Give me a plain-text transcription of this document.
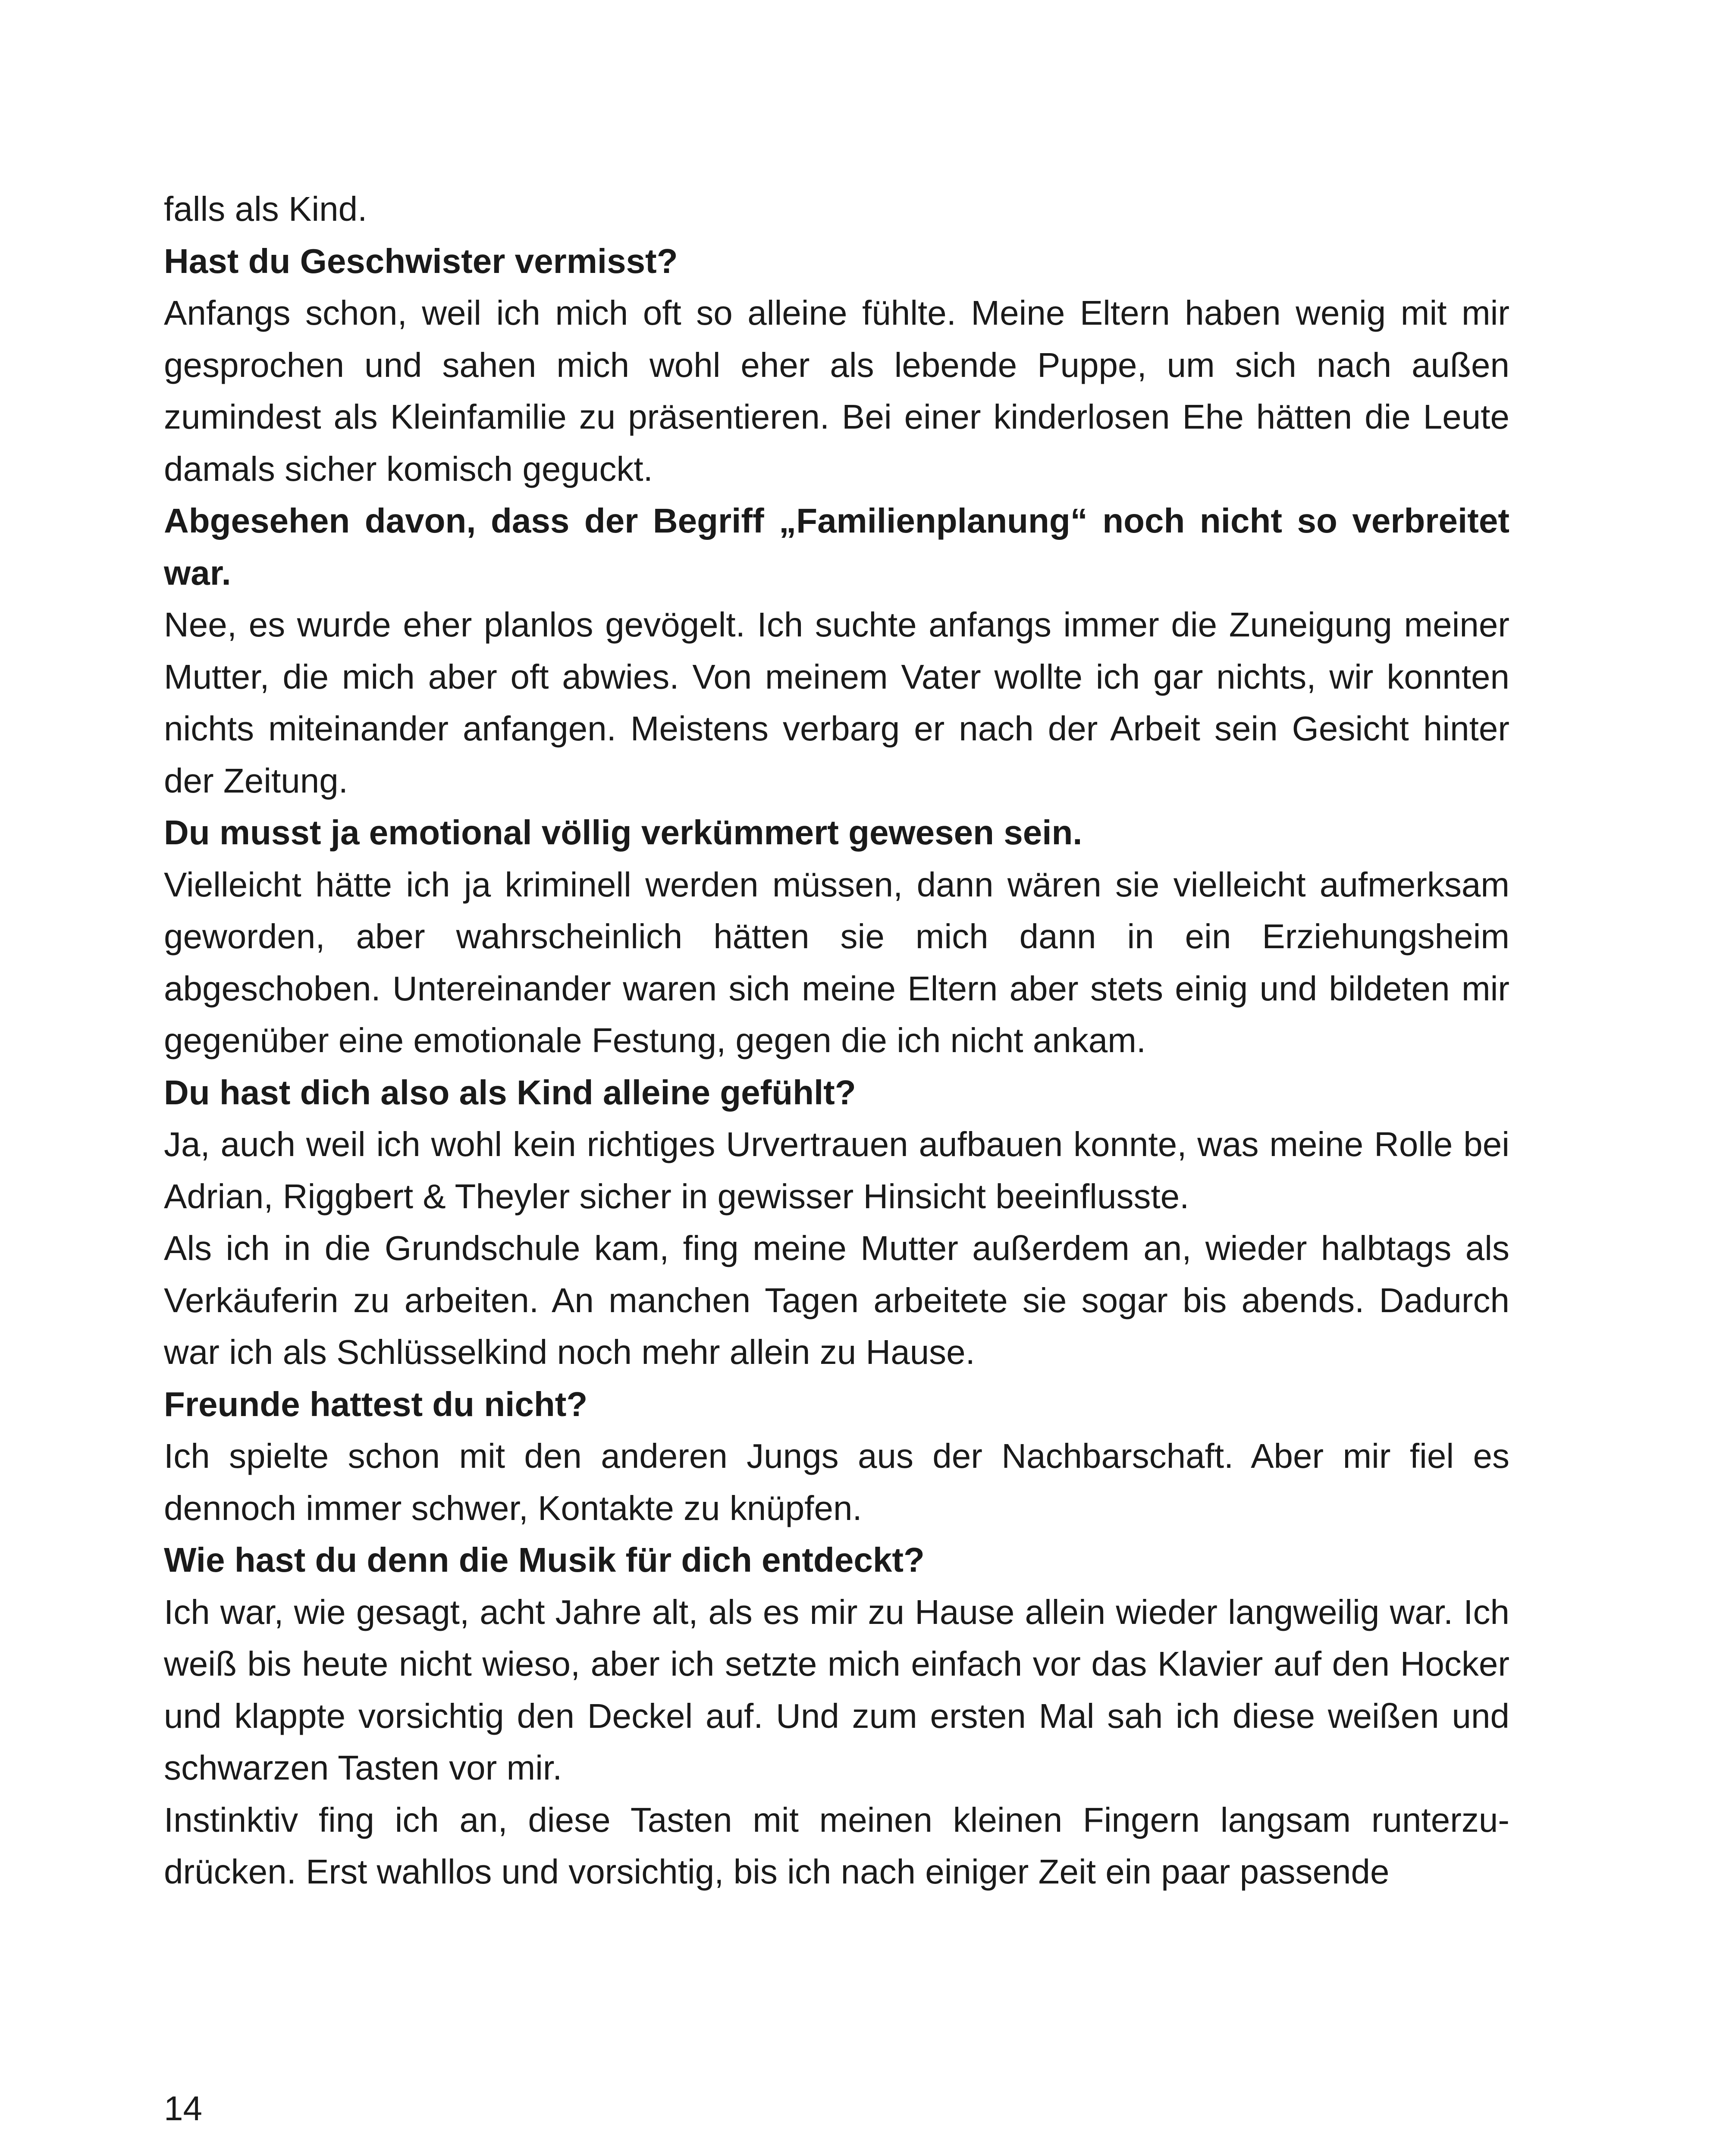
falls als Kind.

Hast du Geschwister vermisst?

Anfangs schon, weil ich mich oft so alleine fühlte. Meine Eltern haben wenig mit mir gesprochen und sahen mich wohl eher als lebende Puppe, um sich nach außen zumindest als Kleinfamilie zu präsentieren. Bei einer kinderlosen Ehe hätten die Leute damals sicher komisch geguckt.

Abgesehen davon, dass der Begriff „Familienplanung“ noch nicht so verbreitet war.

Nee, es wurde eher planlos gevögelt. Ich suchte anfangs immer die Zuneigung meiner Mutter, die mich aber oft abwies. Von meinem Vater wollte ich gar nichts, wir konnten nichts miteinander anfangen. Meistens verbarg er nach der Arbeit sein Gesicht hinter der Zeitung.

Du musst ja emotional völlig verkümmert gewesen sein.

Vielleicht hätte ich ja kriminell werden müssen, dann wären sie vielleicht aufmerksam geworden, aber wahrscheinlich hätten sie mich dann in ein Erziehungsheim abgeschoben. Untereinander waren sich meine Eltern aber stets einig und bildeten mir gegenüber eine emotionale Festung, gegen die ich nicht ankam.

Du hast dich also als Kind alleine gefühlt?

Ja, auch weil ich wohl kein richtiges Urvertrauen aufbauen konnte, was meine Rolle bei Adrian, Riggbert & Theyler sicher in gewisser Hinsicht beeinflusste.

Als ich in die Grundschule kam, fing meine Mutter außerdem an, wieder halbtags als Verkäuferin zu arbeiten. An manchen Tagen arbeitete sie sogar bis abends. Dadurch war ich als Schlüsselkind noch mehr allein zu Hause.

Freunde hattest du nicht?

Ich spielte schon mit den anderen Jungs aus der Nachbarschaft. Aber mir fiel es dennoch immer schwer, Kontakte zu knüpfen.

Wie hast du denn die Musik für dich entdeckt?

Ich war, wie gesagt, acht Jahre alt, als es mir zu Hause allein wieder langweilig war. Ich weiß bis heute nicht wieso, aber ich setzte mich einfach vor das Klavier auf den Hocker und klappte vorsichtig den Deckel auf. Und zum ersten Mal sah ich diese weißen und schwarzen Tasten vor mir.

Instinktiv fing ich an, diese Tasten mit meinen kleinen Fingern langsam runterzudrücken. Erst wahllos und vorsichtig, bis ich nach einiger Zeit ein paar passende

14
